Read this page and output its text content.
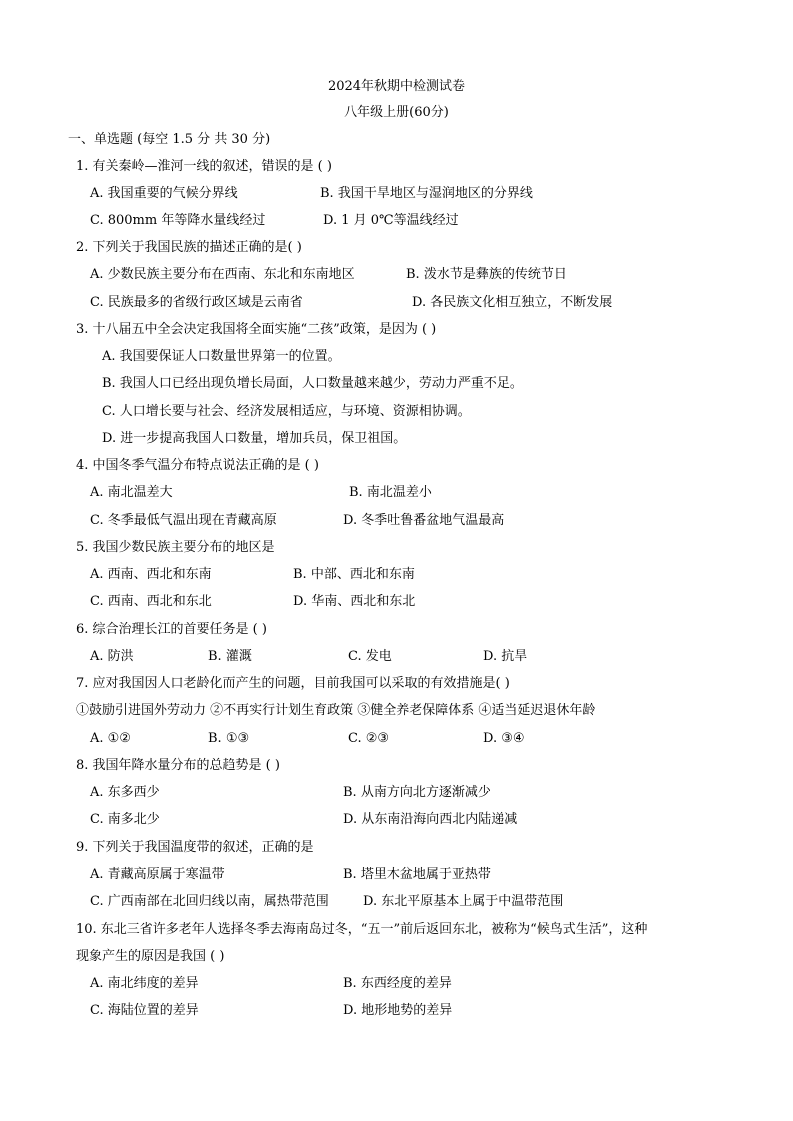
2024年秋期中检测试卷
八年级上册(60分)
一、单选题 (每空 1.5 分 共 30 分)
1. 有关秦岭—淮河一线的叙述，错误的是 ( )
A. 我国重要的气候分界线	B. 我国干旱地区与湿润地区的分界线
C. 800mm 年等降水量线经过	D. 1 月 0℃等温线经过
2. 下列关于我国民族的描述正确的是( )
A. 少数民族主要分布在西南、东北和东南地区	B. 泼水节是彝族的传统节日
C. 民族最多的省级行政区域是云南省	D. 各民族文化相互独立，不断发展
3. 十八届五中全会决定我国将全面实施“二孩”政策，是因为 ( )
A. 我国要保证人口数量世界第一的位置。
B. 我国人口已经出现负增长局面，人口数量越来越少，劳动力严重不足。
C. 人口增长要与社会、经济发展相适应，与环境、资源相协调。
D. 进一步提高我国人口数量，增加兵员，保卫祖国。
4. 中国冬季气温分布特点说法正确的是 ( )
A. 南北温差大	B. 南北温差小
C. 冬季最低气温出现在青藏高原	D. 冬季吐鲁番盆地气温最高
5. 我国少数民族主要分布的地区是
A. 西南、西北和东南	B. 中部、西北和东南
C. 西南、西北和东北	D. 华南、西北和东北
6. 综合治理长江的首要任务是 ( )
A. 防洪	B. 灌溉	C. 发电	D. 抗旱
7. 应对我国因人口老龄化而产生的问题，目前我国可以采取的有效措施是( )
①鼓励引进国外劳动力 ②不再实行计划生育政策 ③健全养老保障体系 ④适当延迟退休年龄
A. ①②	B. ①③	C. ②③	D. ③④
8. 我国年降水量分布的总趋势是 ( )
A. 东多西少	B. 从南方向北方逐渐减少
C. 南多北少	D. 从东南沿海向西北内陆递减
9. 下列关于我国温度带的叙述，正确的是
A. 青藏高原属于寒温带	B. 塔里木盆地属于亚热带
C. 广西南部在北回归线以南，属热带范围	D. 东北平原基本上属于中温带范围
10. 东北三省许多老年人选择冬季去海南岛过冬，“五一”前后返回东北，被称为“候鸟式生活”，这种
现象产生的原因是我国 ( )
A. 南北纬度的差异	B. 东西经度的差异
C. 海陆位置的差异	D. 地形地势的差异
